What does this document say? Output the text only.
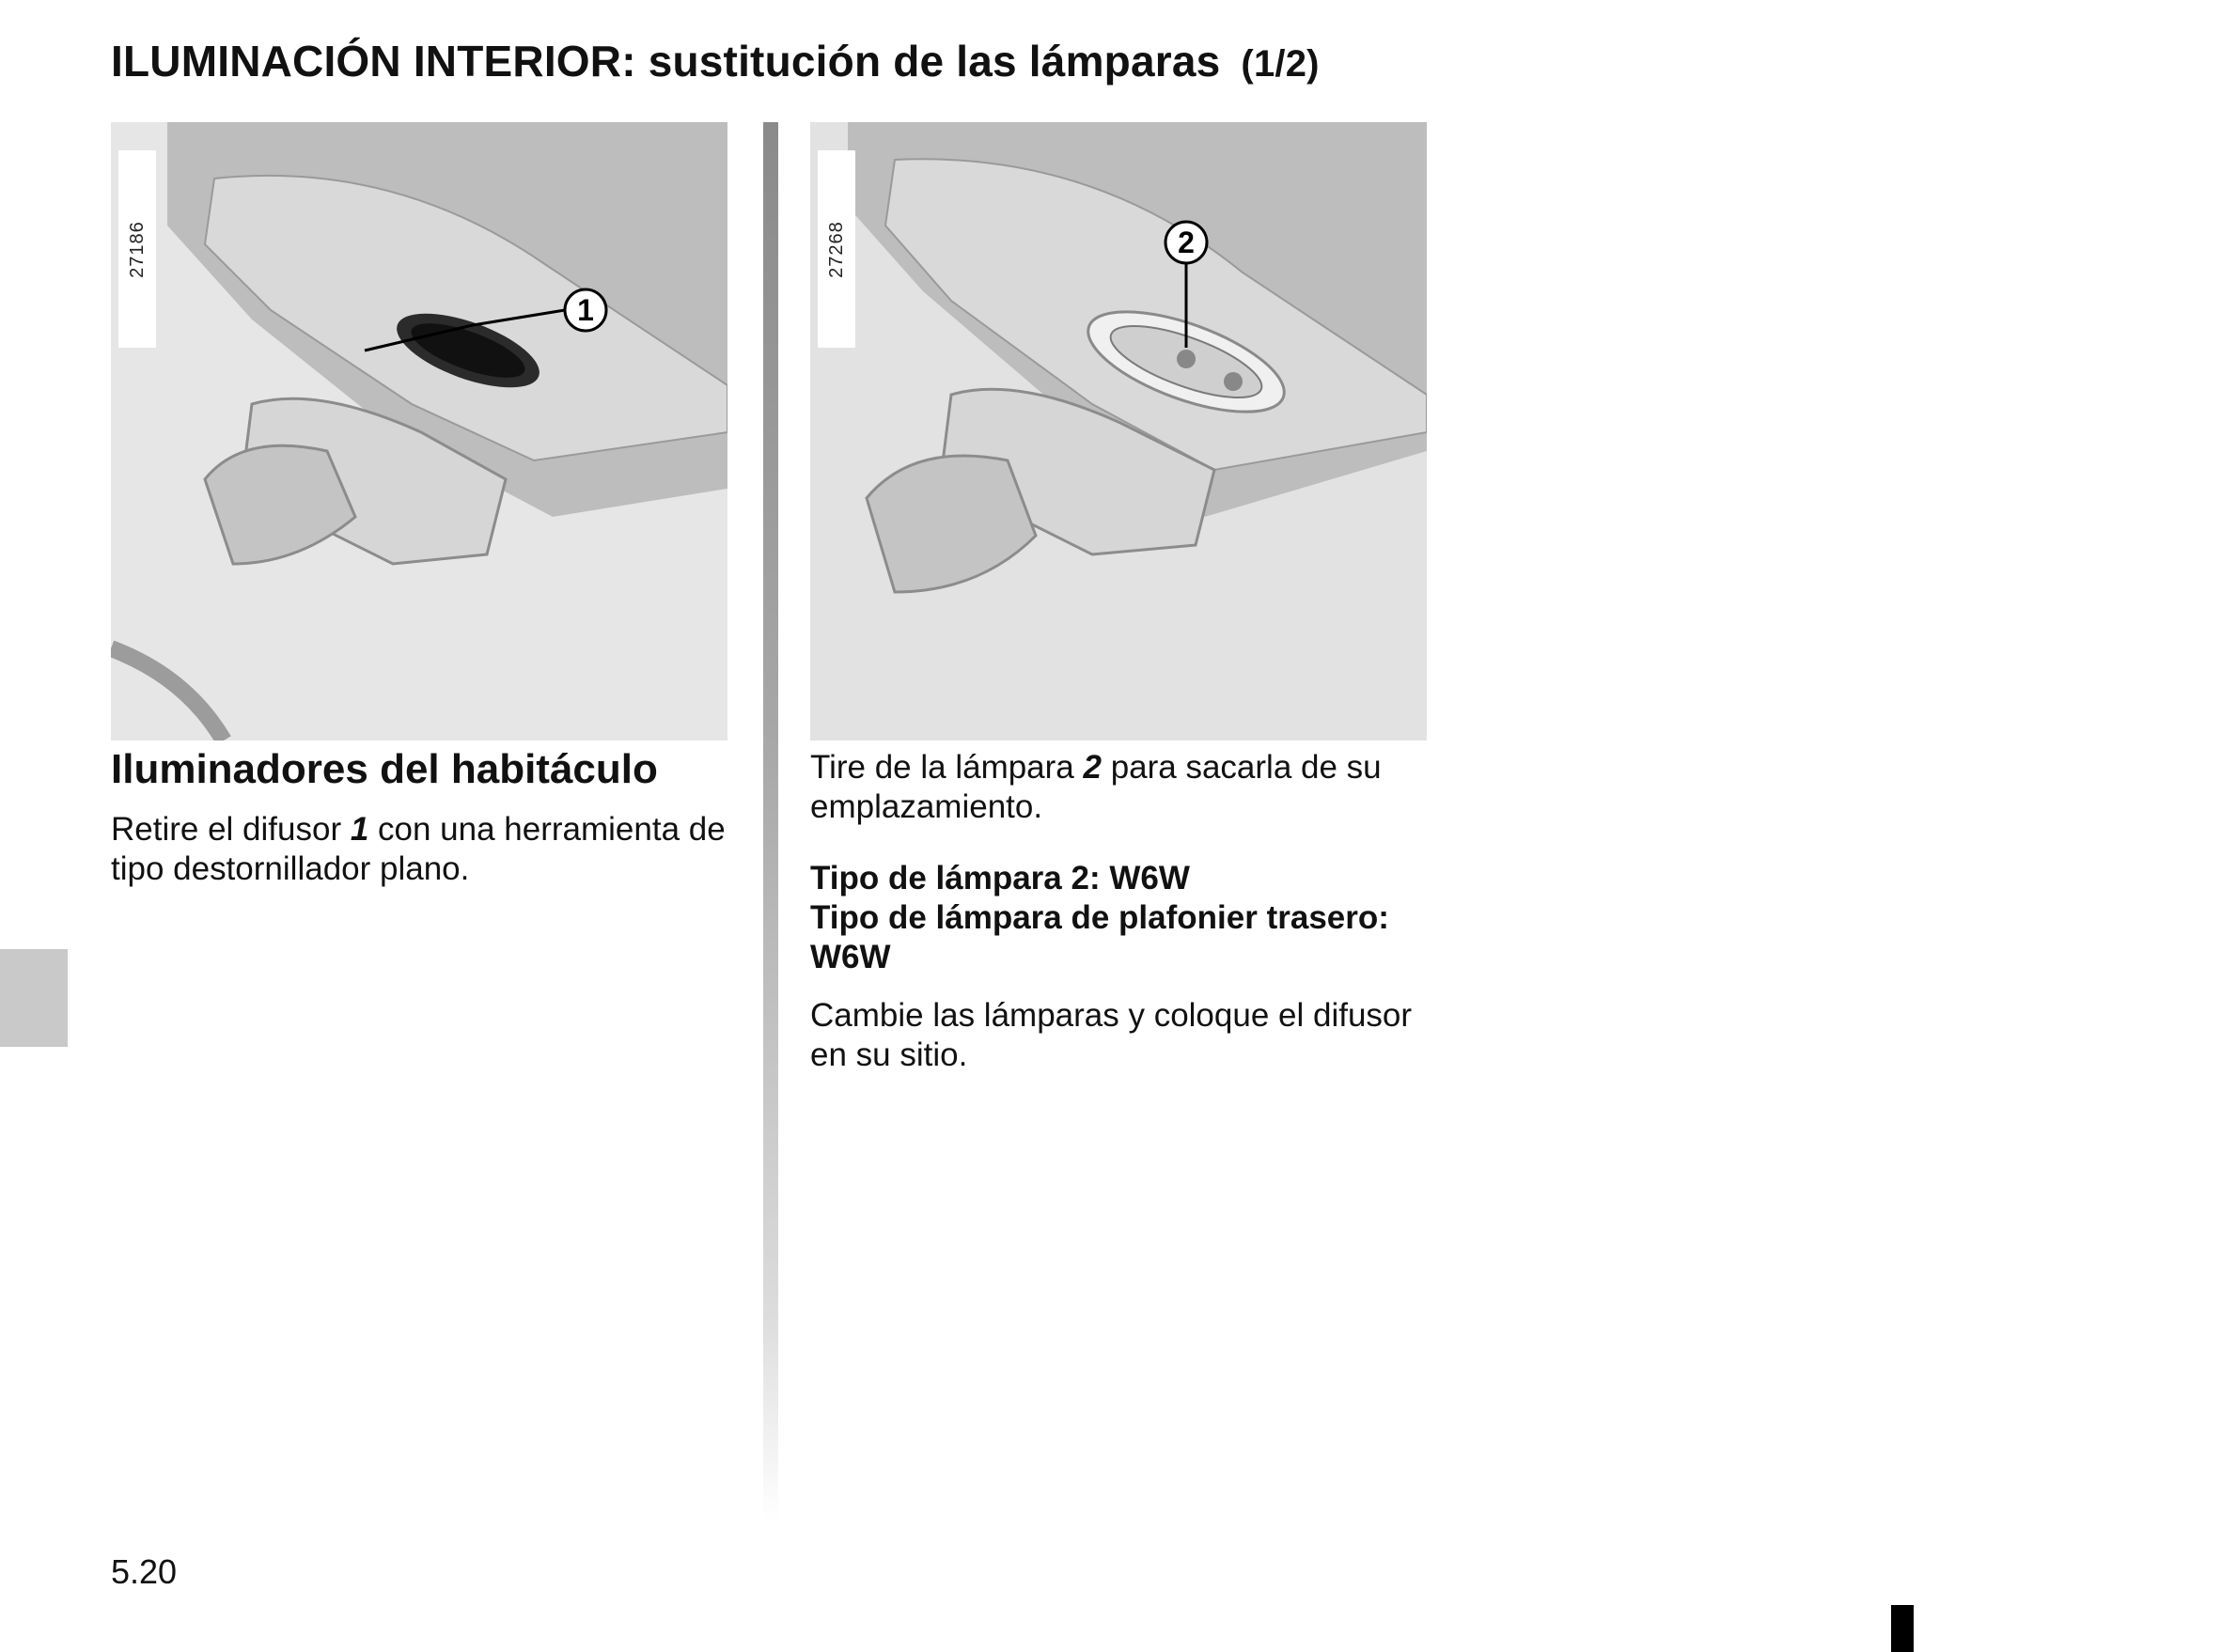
ILUMINACIÓN INTERIOR: sustitución de las lámparas (1/2)
1
27186	2
27268
Iluminadores del habitáculo

Retire el difusor 1 con una herramienta de tipo destornillador plano.

Tire de la lámpara 2 para sacarla de su emplazamiento.

Tipo de lámpara 2: W6W
Tipo de lámpara de plafonier trasero: W6W

Cambie las lámparas y coloque el difusor en su sitio.

5.20
